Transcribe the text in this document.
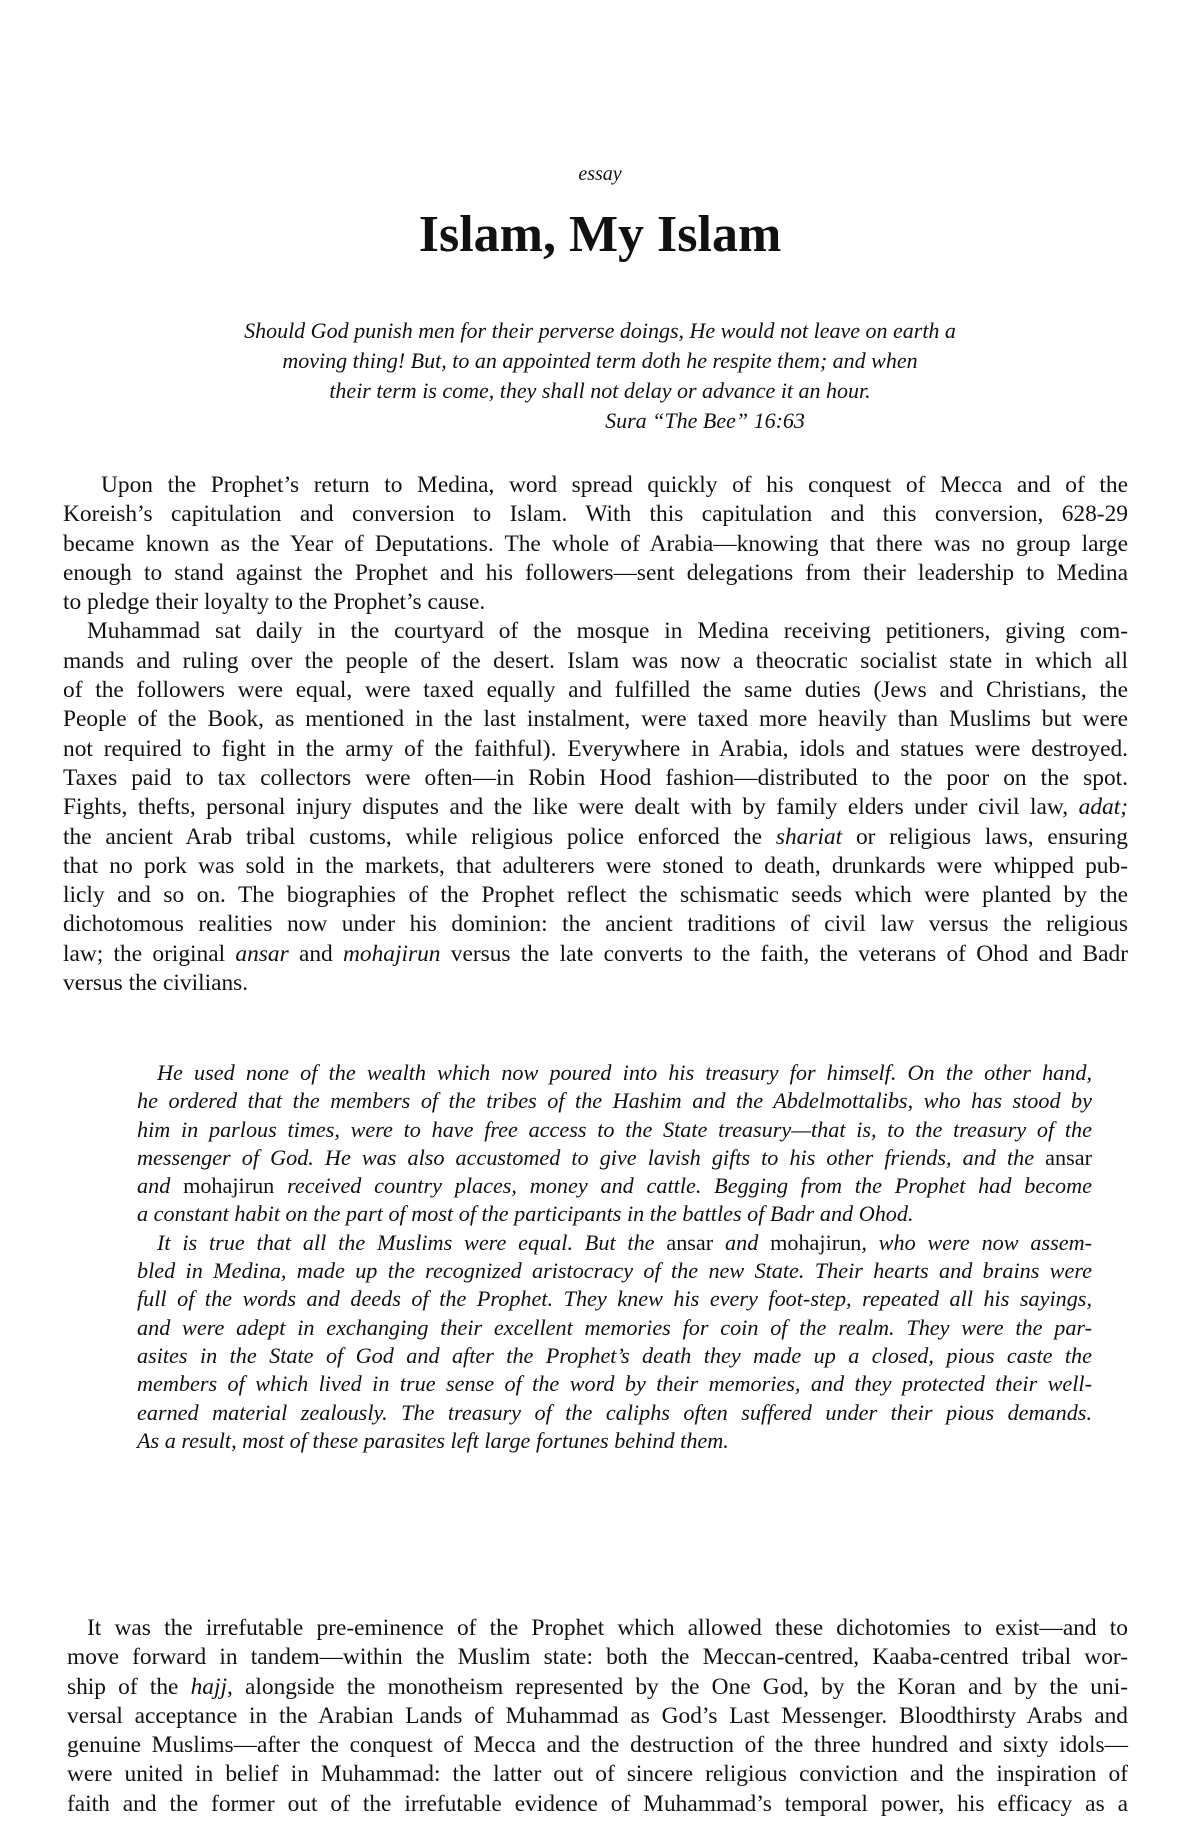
essay
Islam, My Islam
Should God punish men for their perverse doings, He would not leave on earth a
moving thing! But, to an appointed term doth he respite them; and when
their term is come, they shall not delay or advance it an hour.
Sura “The Bee” 16:63
Upon the Prophet’s return to Medina, word spread quickly of his conquest of Mecca and of the
Koreish’s capitulation and conversion to Islam. With this capitulation and this conversion, 628-29
became known as the Year of Deputations. The whole of Arabia—knowing that there was no group large
enough to stand against the Prophet and his followers—sent delegations from their leadership to Medina
to pledge their loyalty to the Prophet’s cause.
Muhammad sat daily in the courtyard of the mosque in Medina receiving petitioners, giving com-
mands and ruling over the people of the desert. Islam was now a theocratic socialist state in which all
of the followers were equal, were taxed equally and fulfilled the same duties (Jews and Christians, the
People of the Book, as mentioned in the last instalment, were taxed more heavily than Muslims but were
not required to fight in the army of the faithful). Everywhere in Arabia, idols and statues were destroyed.
Taxes paid to tax collectors were often—in Robin Hood fashion—distributed to the poor on the spot.
Fights, thefts, personal injury disputes and the like were dealt with by family elders under civil law, adat;
the ancient Arab tribal customs, while religious police enforced the shariat or religious laws, ensuring
that no pork was sold in the markets, that adulterers were stoned to death, drunkards were whipped pub-
licly and so on. The biographies of the Prophet reflect the schismatic seeds which were planted by the
dichotomous realities now under his dominion: the ancient traditions of civil law versus the religious
law; the original ansar and mohajirun versus the late converts to the faith, the veterans of Ohod and Badr
versus the civilians.
He used none of the wealth which now poured into his treasury for himself. On the other hand,
he ordered that the members of the tribes of the Hashim and the Abdelmottalibs, who has stood by
him in parlous times, were to have free access to the State treasury—that is, to the treasury of the
messenger of God. He was also accustomed to give lavish gifts to his other friends, and the ansar
and mohajirun received country places, money and cattle. Begging from the Prophet had become
a constant habit on the part of most of the participants in the battles of Badr and Ohod.
It is true that all the Muslims were equal. But the ansar and mohajirun, who were now assem-
bled in Medina, made up the recognized aristocracy of the new State. Their hearts and brains were
full of the words and deeds of the Prophet. They knew his every foot-step, repeated all his sayings,
and were adept in exchanging their excellent memories for coin of the realm. They were the par-
asites in the State of God and after the Prophet’s death they made up a closed, pious caste the
members of which lived in true sense of the word by their memories, and they protected their well-
earned material zealously. The treasury of the caliphs often suffered under their pious demands.
As a result, most of these parasites left large fortunes behind them.
It was the irrefutable pre-eminence of the Prophet which allowed these dichotomies to exist—and to
move forward in tandem—within the Muslim state: both the Meccan-centred, Kaaba-centred tribal wor-
ship of the hajj, alongside the monotheism represented by the One God, by the Koran and by the uni-
versal acceptance in the Arabian Lands of Muhammad as God’s Last Messenger. Bloodthirsty Arabs and
genuine Muslims—after the conquest of Mecca and the destruction of the three hundred and sixty idols—
were united in belief in Muhammad: the latter out of sincere religious conviction and the inspiration of
faith and the former out of the irrefutable evidence of Muhammad’s temporal power, his efficacy as a
